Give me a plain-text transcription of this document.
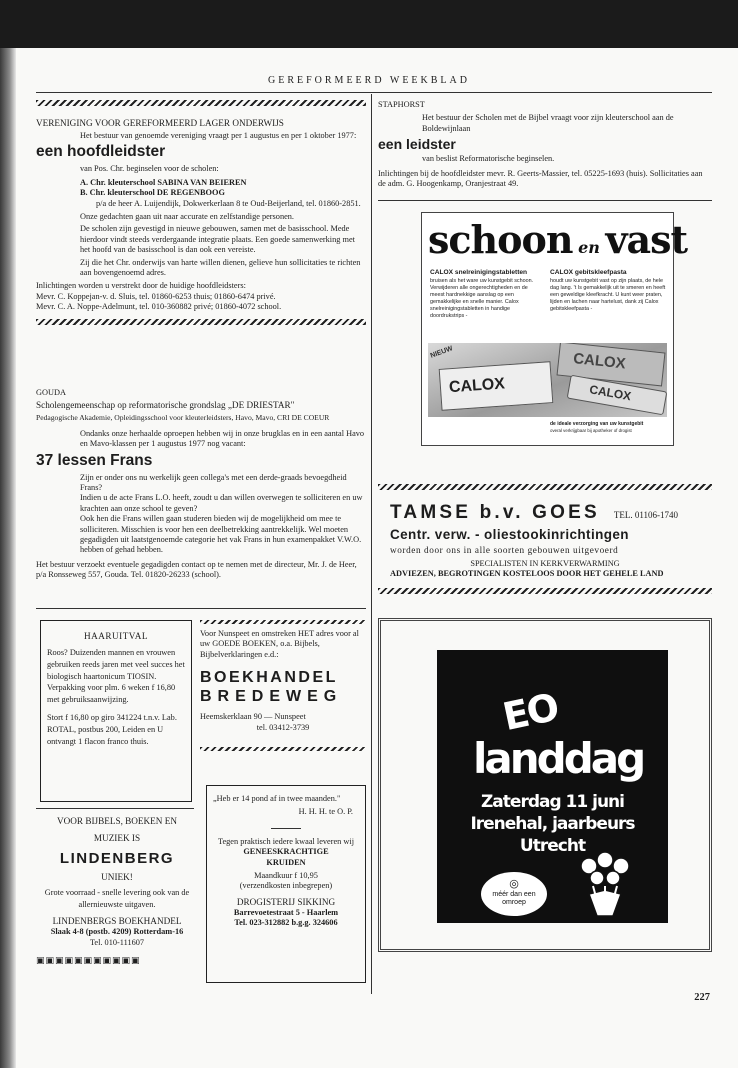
GEREFORMEERD WEEKBLAD

VERENIGING VOOR GEREFORMEERD LAGER ONDERWIJS

Het bestuur van genoemde vereniging vraagt per 1 augustus en per 1 oktober 1977:

een hoofdleidster

van Pos. Chr. beginselen voor de scholen:

A. Chr. kleuterschool SABINA VAN BEIEREN

B. Chr. kleuterschool DE REGENBOOG

p/a de heer A. Luijendijk, Dokwerkerlaan 8 te Oud-Beijerland, tel. 01860-2851.

Onze gedachten gaan uit naar accurate en zelfstandige personen.

De scholen zijn gevestigd in nieuwe gebouwen, samen met de basisschool. Mede hierdoor vindt steeds verdergaande integratie plaats. Een goede samenwerking met het hoofd van de basisschool is dan ook een vereiste.

Zij die het Chr. onderwijs van harte willen dienen, gelieve hun sollicitaties te richten aan bovengenoemd adres.

Inlichtingen worden u verstrekt door de huidige hoofdleidsters:

Mevr. C. Koppejan-v. d. Sluis, tel. 01860-6253 thuis; 01860-6474 privé.

Mevr. C. A. Noppe-Adelmunt, tel. 010-360882 privé; 01860-4072 school.

GOUDA

Scholengemeenschap op reformatorische grondslag „DE DRIESTAR"

Pedagogische Akademie, Opleidingsschool voor kleuterleidsters, Havo, Mavo, CRI DE COEUR

Ondanks onze herhaalde oproepen hebben wij in onze brugklas en in een aantal Havo en Mavo-klassen per 1 augustus 1977 nog vacant:

37 lessen Frans

Zijn er onder ons nu werkelijk geen collega's met een derde-graads bevoegdheid Frans?

Indien u de acte Frans L.O. heeft, zoudt u dan willen overwegen te solliciteren en uw krachten aan onze school te geven?

Ook hen die Frans willen gaan studeren bieden wij de mogelijkheid om mee te solliciteren. Misschien is voor hen een deelbetrekking aantrekkelijk. Wel moeten gegadigden uit laatstgenoemde categorie het vak Frans in hun examenpakket V.W.O. hebben of gehad hebben.

Het bestuur verzoekt eventuele gegadigden contact op te nemen met de directeur, Mr. J. de Heer, p/a Ronsseweg 557, Gouda. Tel. 01820-26233 (school).

HAARUITVAL

Roos? Duizenden mannen en vrouwen gebruiken reeds jaren met veel succes het biologisch haartonicum TIOSIN. Verpakking voor plm. 6 weken f 16,80 met gebruiksaanwijzing.

Stort f 16,80 op giro 341224 t.n.v. Lab. ROTAL, postbus 200, Leiden en U ontvangt 1 flacon franco thuis.

Voor Nunspeet en omstreken HET adres voor al uw GOEDE BOEKEN, o.a. Bijbels, Bijbelverklaringen e.d.:

BOEKHANDEL

BREDEWEG

Heemskerklaan 90 — Nunspeet

tel. 03412-3739

VOOR BIJBELS, BOEKEN EN

MUZIEK IS

LINDENBERG

UNIEK!

Grote voorraad - snelle levering ook van de allernieuwste uitgaven.

LINDENBERGS BOEKHANDEL

Slaak 4-8 (postb. 4209) Rotterdam-16

Tel. 010-111607

▣▣▣▣▣▣▣▣▣▣▣

„Heb er 14 pond af in twee maanden."

H. H. H. te O. P.

Tegen praktisch iedere kwaal leveren wij

GENEESKRACHTIGE

KRUIDEN

Maandkuur f 10,95

(verzendkosten inbegrepen)

DROGISTERIJ SIKKING

Barrevoetestraat 5 - Haarlem

Tel. 023-312882 b.g.g. 324606

STAPHORST

Het bestuur der Scholen met de Bijbel vraagt voor zijn kleuterschool aan de Boldewijnlaan

een leidster

van beslist Reformatorische beginselen.

Inlichtingen bij de hoofdleidster mevr. R. Geerts-Massier, tel. 05225-1693 (huis). Sollicitaties aan de adm. G. Hoogenkamp, Oranjestraat 49.

schoon en vast

CALOX snelreinigingstabletten

bruisen als het ware uw kunstgebit schoon. Verwijderen alle ongerechtigheden en de meest hardnekkige aanslag op een gemakkelijke en snelle manier. Calox snelreinigingstabletten in handige doordrukstrips -

CALOX gebitskleefpasta

houdt uw kunstgebit vast op zijn plaats, de hele dag lang. 't Is gemakkelijk uit te smeren en heeft een geweldige kleefkracht. U kunt weer praten, lijden en lachen naar hartelust, dank zij Calox gebitskleefpasta -

NIEUW
CALOX
CALOX
CALOX

de ideale verzorging van uw kunstgebit

overal verkrijgbaar bij apotheker of drogist

TAMSE b.v. GOES TEL. 01106-1740

Centr. verw. - oliestookinrichtingen

worden door ons in alle soorten gebouwen uitgevoerd

SPECIALISTEN IN KERKVERWARMING

ADVIEZEN, BEGROTINGEN KOSTELOOS DOOR HET GEHELE LAND

EO

landdag

Zaterdag 11 juni

Irenehal, jaarbeurs

Utrecht

◎
méér dan een
omroep
227
